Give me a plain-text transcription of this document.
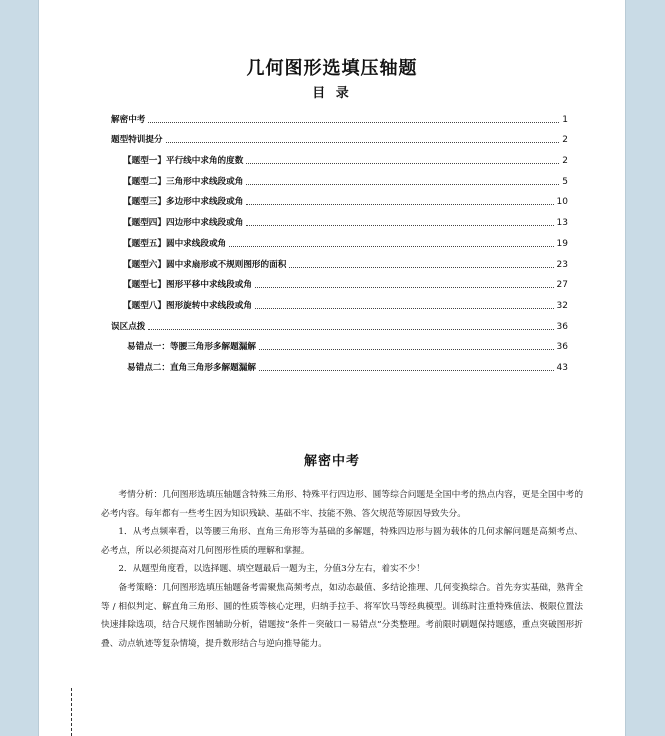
几何图形选填压轴题
目 录
解密中考	1
题型特训提分	2
【题型一】平行线中求角的度数	2
【题型二】三角形中求线段或角	5
【题型三】多边形中求线段或角	10
【题型四】四边形中求线段或角	13
【题型五】圆中求线段或角	19
【题型六】圆中求扇形或不规则图形的面积	23
【题型七】图形平移中求线段或角	27
【题型八】图形旋转中求线段或角	32
误区点拨	36
易错点一：等腰三角形多解题漏解	36
易错点二：直角三角形多解题漏解	43
解密中考

考情分析：几何图形选填压轴题含特殊三角形、特殊平行四边形、圆等综合问题是全国中考的热点内容，更是全国中考的必考内容。每年都有一些考生因为知识残缺、基础不牢、技能不熟、答欠规范等原因导致失分。

1．从考点频率看，以等腰三角形、直角三角形等为基础的多解题，特殊四边形与圆为载体的几何求解问题是高频考点、必考点，所以必须提高对几何图形性质的理解和掌握。

2．从题型角度看，以选择题、填空题最后一题为主，分值3分左右，着实不少！

备考策略：几何图形选填压轴题备考需聚焦高频考点，如动态最值、多结论推理、几何变换综合。首先夯实基础，熟背全等 / 相似判定、解直角三角形、圆的性质等核心定理，归纳手拉手、将军饮马等经典模型。训练时注重特殊值法、极限位置法快速排除选项，结合尺规作图辅助分析，错题按“条件－突破口－易错点”分类整理。考前限时刷题保持题感，重点突破图形折叠、动点轨迹等复杂情境，提升数形结合与逆向推导能力。
